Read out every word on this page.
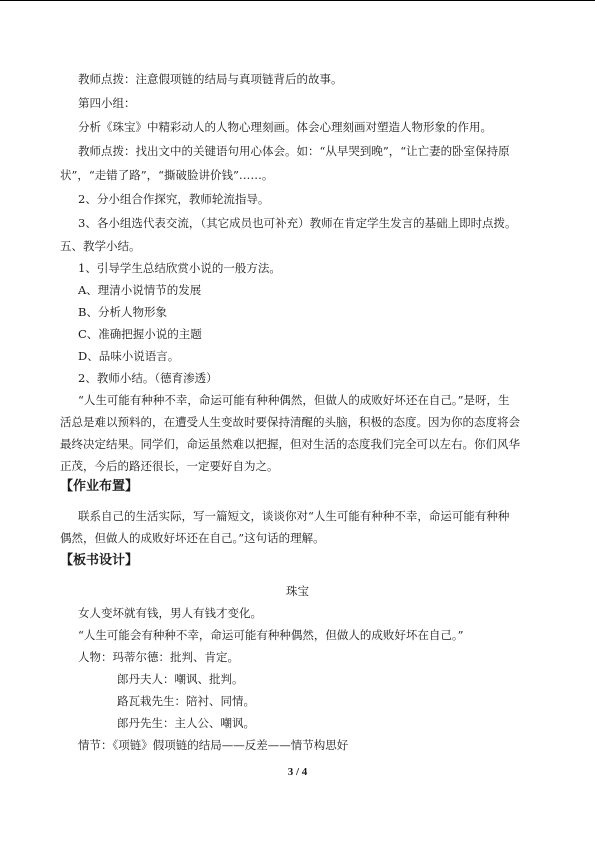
教师点拨：注意假项链的结局与真项链背后的故事。
第四小组：
分析《珠宝》中精彩动人的人物心理刻画。体会心理刻画对塑造人物形象的作用。
教师点拨：找出文中的关键语句用心体会。如：“从早哭到晚”，“让亡妻的卧室保持原
状”，“走错了路”，“撕破脸讲价钱”……。
2、分小组合作探究，教师轮流指导。
3、各小组选代表交流，（其它成员也可补充）教师在肯定学生发言的基础上即时点拨。
五、教学小结。
1、引导学生总结欣赏小说的一般方法。
A、理清小说情节的发展
B、分析人物形象
C、准确把握小说的主题
D、品味小说语言。
2、教师小结。（德育渗透）
“人生可能有种种不幸，命运可能有种种偶然，但做人的成败好坏还在自己。”是呀，生
活总是难以预料的，在遭受人生变故时要保持清醒的头脑，积极的态度。因为你的态度将会
最终决定结果。同学们，命运虽然难以把握，但对生活的态度我们完全可以左右。你们风华
正茂，今后的路还很长，一定要好自为之。
【作业布置】
联系自己的生活实际，写一篇短文，谈谈你对“人生可能有种种不幸，命运可能有种种
偶然，但做人的成败好坏还在自己。”这句话的理解。
【板书设计】
珠宝
女人变坏就有钱，男人有钱才变化。
“人生可能会有种种不幸，命运可能有种种偶然，但做人的成败好坏在自己。”
人物：玛蒂尔德：批判、肯定。
郎丹夫人：嘲讽、批判。
路瓦栽先生：陪衬、同情。
郎丹先生：主人公、嘲讽。
情节：《项链》假项链的结局——反差——情节构思好
3 / 4
